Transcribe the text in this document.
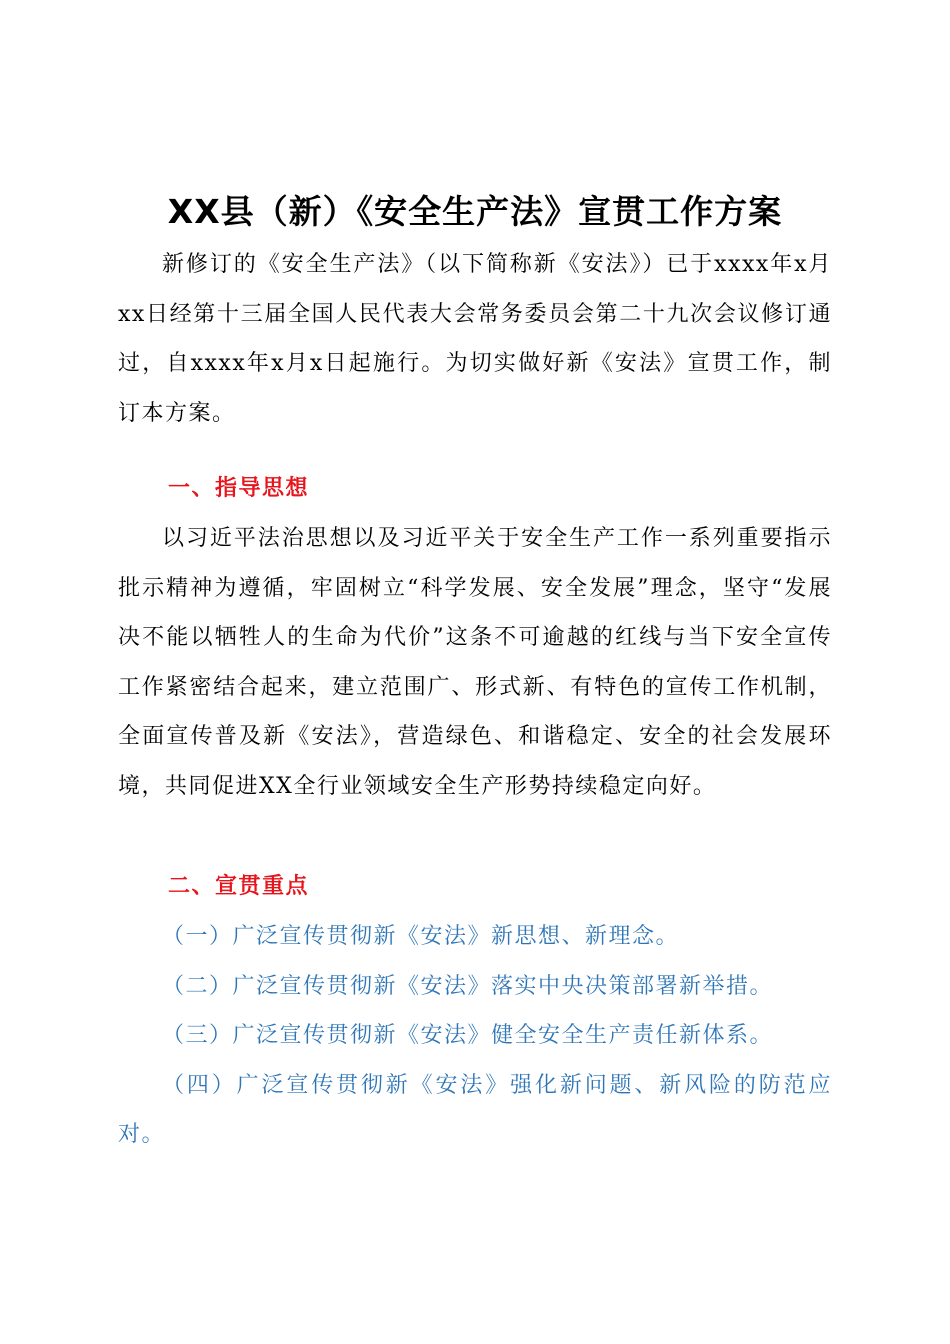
XX县（新）《安全生产法》宣贯工作方案

新修订的《安全生产法》（以下简称新《安法》）已于xxxx年x月xx日经第十三届全国人民代表大会常务委员会第二十九次会议修订通过，自xxxx年x月x日起施行。为切实做好新《安法》宣贯工作，制订本方案。

一、指导思想

以习近平法治思想以及习近平关于安全生产工作一系列重要指示批示精神为遵循，牢固树立“科学发展、安全发展”理念，坚守“发展决不能以牺牲人的生命为代价”这条不可逾越的红线与当下安全宣传工作紧密结合起来，建立范围广、形式新、有特色的宣传工作机制，全面宣传普及新《安法》，营造绿色、和谐稳定、安全的社会发展环境，共同促进XX全行业领域安全生产形势持续稳定向好。

二、宣贯重点

（一）广泛宣传贯彻新《安法》新思想、新理念。

（二）广泛宣传贯彻新《安法》落实中央决策部署新举措。

（三）广泛宣传贯彻新《安法》健全安全生产责任新体系。

（四）广泛宣传贯彻新《安法》强化新问题、新风险的防范应对。
